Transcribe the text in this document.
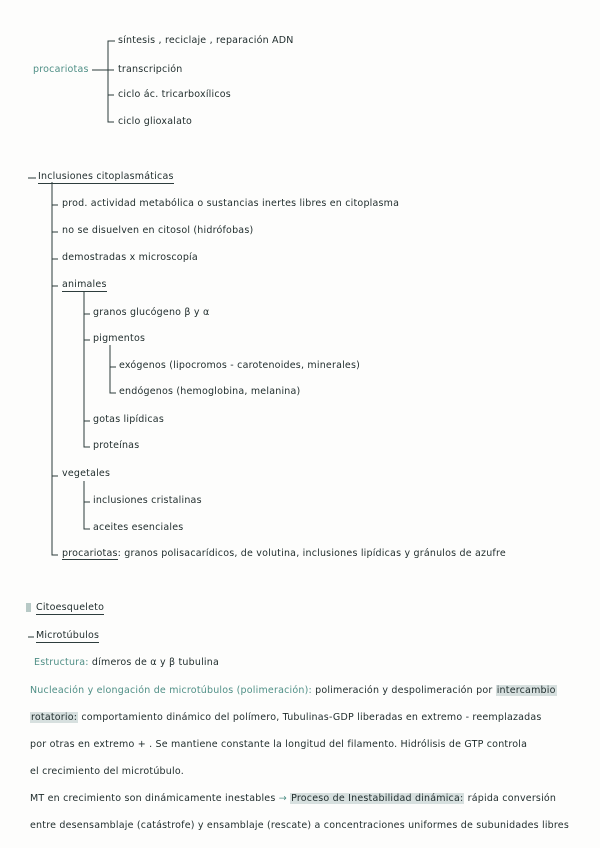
procariotas
síntesis , reciclaje , reparación ADN
transcripción
ciclo ác. tricarboxílicos
ciclo glioxalato
Inclusiones citoplasmáticas
prod. actividad metabólica o sustancias inertes libres en citoplasma
no se disuelven en citosol (hidrófobas)
demostradas x microscopía
animales
granos glucógeno β y α
pigmentos
exógenos (lipocromos - carotenoides, minerales)
endógenos (hemoglobina, melanina)
gotas lipídicas
proteínas
vegetales
inclusiones cristalinas
aceites esenciales
procariotas: granos polisacarídicos, de volutina, inclusiones lipídicas y gránulos de azufre
Citoesqueleto
Microtúbulos
Estructura: dímeros de α y β tubulina
Nucleación y elongación de microtúbulos (polimeración): polimeración y despolimeración por intercambio
rotatorio: comportamiento dinámico del polímero, Tubulinas-GDP liberadas en extremo - reemplazadas
por otras en extremo + . Se mantiene constante la longitud del filamento. Hidrólisis de GTP controla
el crecimiento del microtúbulo.
MT en crecimiento son dinámicamente inestables → Proceso de Inestabilidad dinámica: rápida conversión
entre desensamblaje (catástrofe) y ensamblaje (rescate) a concentraciones uniformes de subunidades libres
